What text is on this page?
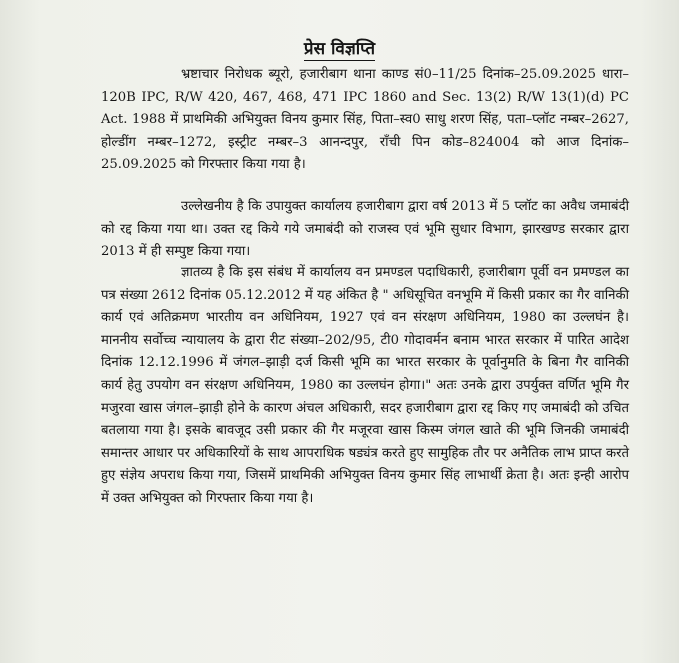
प्रेस विज्ञप्ति

भ्रष्टाचार निरोधक ब्यूरो, हजारीबाग थाना काण्ड सं0–11/25 दिनांक–25.09.2025 धारा– 120B IPC, R/W 420, 467, 468, 471 IPC 1860 and Sec. 13(2) R/W 13(1)(d) PC Act. 1988 में प्राथमिकी अभियुक्त विनय कुमार सिंह, पिता–स्व0 साधु शरण सिंह, पता–प्लॉट नम्बर–2627, होल्डींग नम्बर–1272, इस्ट्रीट नम्बर–3 आनन्दपुर, राँची पिन कोड–824004 को आज दिनांक–25.09.2025 को गिरफ्तार किया गया है।

उल्लेखनीय है कि उपायुक्त कार्यालय हजारीबाग द्वारा वर्ष 2013 में 5 प्लॉट का अवैध जमाबंदी को रद्द किया गया था। उक्त रद्द किये गये जमाबंदी को राजस्व एवं भूमि सुधार विभाग, झारखण्ड सरकार द्वारा 2013 में ही सम्पुष्ट किया गया।

ज्ञातव्य है कि इस संबंध में कार्यालय वन प्रमण्डल पदाधिकारी, हजारीबाग पूर्वी वन प्रमण्डल का पत्र संख्या 2612 दिनांक 05.12.2012 में यह अंकित है " अधिसूचित वनभूमि में किसी प्रकार का गैर वानिकी कार्य एवं अतिक्रमण भारतीय वन अधिनियम, 1927 एवं वन संरक्षण अधिनियम, 1980 का उल्लघंन है। माननीय सर्वोच्च न्यायालय के द्वारा रीट संख्या–202/95, टी0 गोदावर्मन बनाम भारत सरकार में पारित आदेश दिनांक 12.12.1996 में जंगल–झाड़ी दर्ज किसी भूमि का भारत सरकार के पूर्वानुमति के बिना गैर वानिकी कार्य हेतु उपयोग वन संरक्षण अधिनियम, 1980 का उल्लघंन होगा।" अतः उनके द्वारा उपर्युक्त वर्णित भूमि गैर मजुरवा खास जंगल–झाड़ी होने के कारण अंचल अधिकारी, सदर हजारीबाग द्वारा रद्द किए गए जमाबंदी को उचित बतलाया गया है। इसके बावजूद उसी प्रकार की गैर मजूरवा खास किस्म जंगल खाते की भूमि जिनकी जमाबंदी समान्तर आधार पर अधिकारियों के साथ आपराधिक षड्यंत्र करते हुए सामुहिक तौर पर अनैतिक लाभ प्राप्त करते हुए संज्ञेय अपराध किया गया, जिसमें प्राथमिकी अभियुक्त विनय कुमार सिंह लाभार्थी क्रेता है। अतः इन्ही आरोप में उक्त अभियुक्त को गिरफ्तार किया गया है।
